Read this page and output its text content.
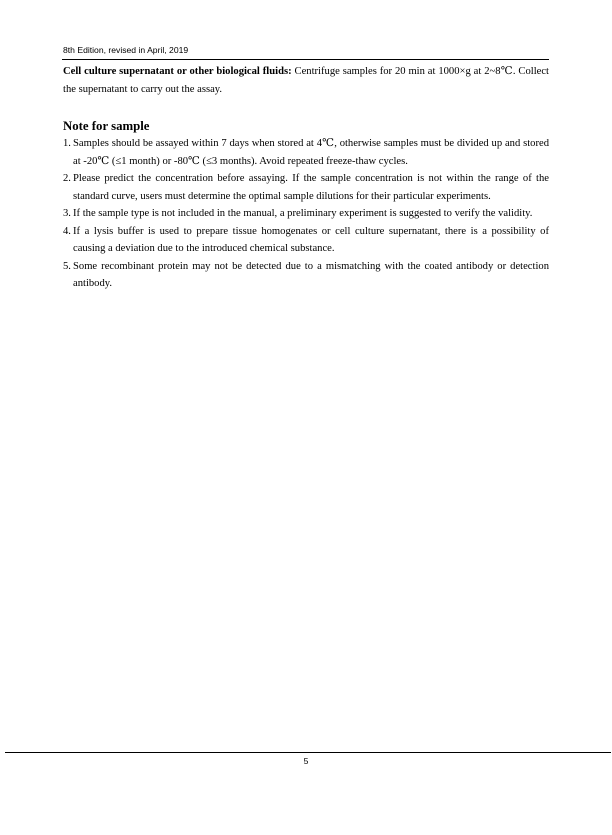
8th Edition, revised in April, 2019

Cell culture supernatant or other biological fluids: Centrifuge samples for 20 min at 1000×g at 2~8℃. Collect the supernatant to carry out the assay.

Note for sample
1. Samples should be assayed within 7 days when stored at 4℃, otherwise samples must be divided up and stored at -20℃ (≤1 month) or -80℃ (≤3 months). Avoid repeated freeze-thaw cycles.
2. Please predict the concentration before assaying. If the sample concentration is not within the range of the standard curve, users must determine the optimal sample dilutions for their particular experiments.
3. If the sample type is not included in the manual, a preliminary experiment is suggested to verify the validity.
4. If a lysis buffer is used to prepare tissue homogenates or cell culture supernatant, there is a possibility of causing a deviation due to the introduced chemical substance.
5. Some recombinant protein may not be detected due to a mismatching with the coated antibody or detection antibody.
5
